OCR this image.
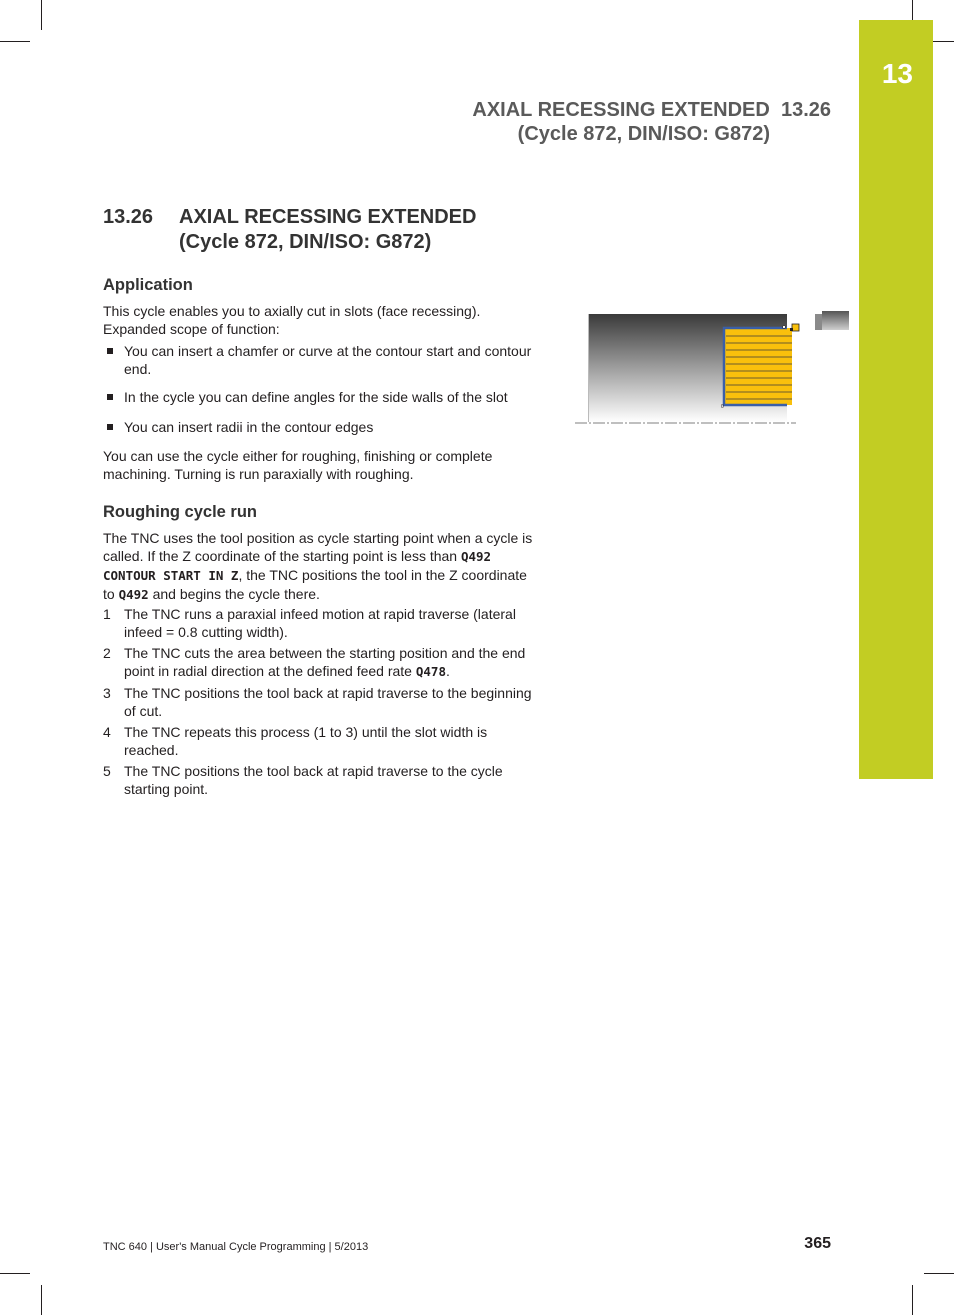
13
AXIAL RECESSING EXTENDED  13.26
(Cycle 872, DIN/ISO: G872)
13.26 AXIAL RECESSING EXTENDED
(Cycle 872, DIN/ISO: G872)
Application
This cycle enables you to axially cut in slots (face recessing). Expanded scope of function:
You can insert a chamfer or curve at the contour start and contour end.
In the cycle you can define angles for the side walls of the slot
You can insert radii in the contour edges
You can use the cycle either for roughing, finishing or complete machining. Turning is run paraxially with roughing.
Roughing cycle run
The TNC uses the tool position as cycle starting point when a cycle is called. If the Z coordinate of the starting point is less than Q492 CONTOUR START IN Z, the TNC positions the tool in the Z coordinate to Q492 and begins the cycle there.
1 The TNC runs a paraxial infeed motion at rapid traverse (lateral infeed = 0.8 cutting width).
2 The TNC cuts the area between the starting position and the end point in radial direction at the defined feed rate Q478.
3 The TNC positions the tool back at rapid traverse to the beginning of cut.
4 The TNC repeats this process (1 to 3) until the slot width is reached.
5 The TNC positions the tool back at rapid traverse to the cycle starting point.
0
TNC 640 | User's Manual Cycle Programming | 5/2013	365
